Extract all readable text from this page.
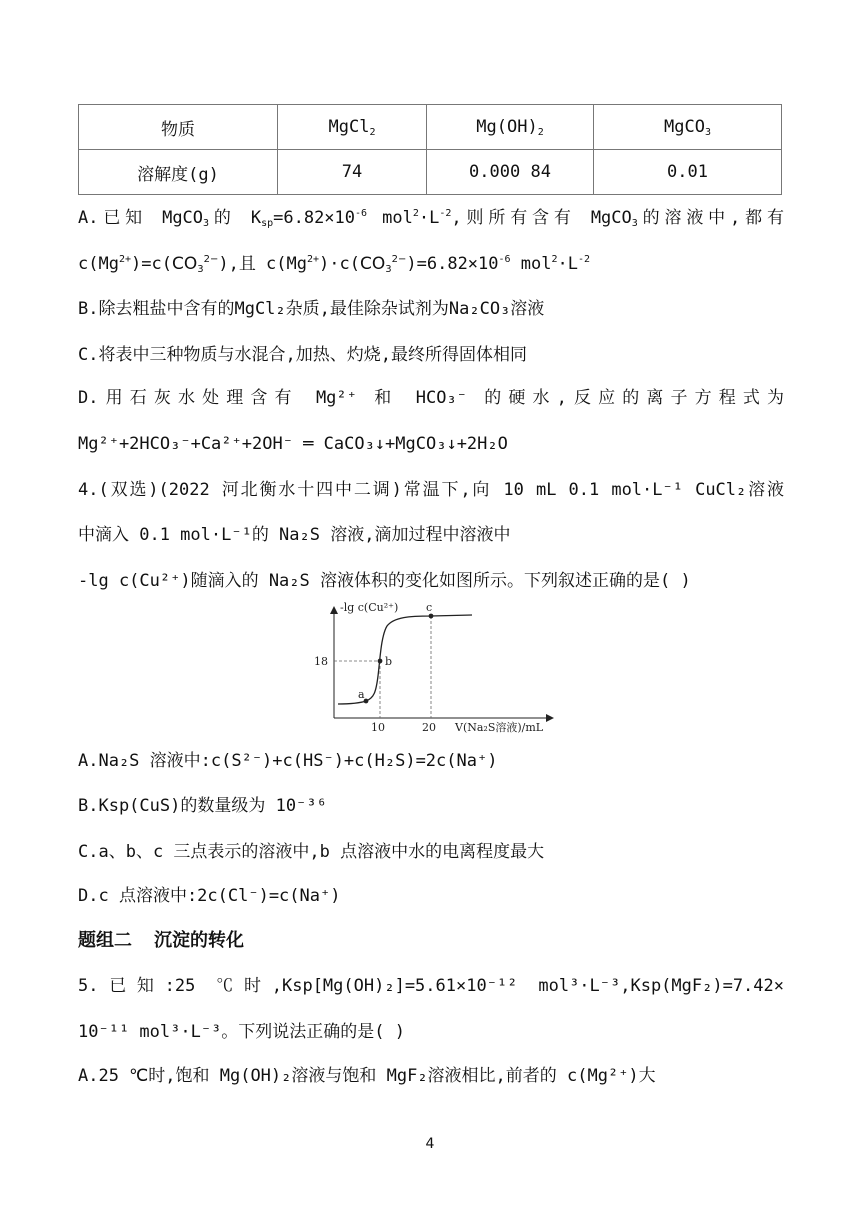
物质	MgCl$_2$	$Mg(OH)_2$	MgCO$_3$
溶解度(g)	74	0.000 84	0.01
A.已知 MgCO$_3$的 $K_{sp}=6.82\times 10^{-6}$ $mol^2\cdot L^{-2}$,则所有含有 MgCO$_3$的溶液中,都有
$c(Mg^{2+})=c(CO_3^{2-})$,且 $c(Mg^{2+})\cdot c(CO_3^{2-})=6.82\times 10^{-6}$ $mol^2\cdot L^{-2}$
B.除去粗盐中含有的MgCl₂杂质,最佳除杂试剂为Na₂CO₃溶液
C.将表中三种物质与水混合,加热、灼烧,最终所得固体相同
D.用石灰水处理含有 Mg²⁺ 和 HCO₃⁻ 的硬水,反应的离子方程式为
Mg²⁺+2HCO₃⁻+Ca²⁺+2OH⁻ ═ CaCO₃↓+MgCO₃↓+2H₂O
4.(双选)(2022 河北衡水十四中二调)常温下,向 10 mL 0.1 mol·L⁻¹ CuCl₂溶液
中滴入 0.1 mol·L⁻¹的 Na₂S 溶液,滴加过程中溶液中
-lg c(Cu²⁺)随滴入的 Na₂S 溶液体积的变化如图所示。下列叙述正确的是( )
-lg c(Cu²⁺)
V(Na₂S溶液)/mL
10	20
18
a
b
c
A.Na₂S 溶液中:c(S²⁻)+c(HS⁻)+c(H₂S)=2c(Na⁺)
B.Ksp(CuS)的数量级为 10⁻³⁶
C.a、b、c 三点表示的溶液中,b 点溶液中水的电离程度最大
D.c 点溶液中:2c(Cl⁻)=c(Na⁺)
题组二 沉淀的转化
5.已知:25 ℃时,Ksp[Mg(OH)₂]=5.61×10⁻¹² mol³·L⁻³,Ksp(MgF₂)=7.42×
10⁻¹¹ mol³·L⁻³。下列说法正确的是( )
A.25 ℃时,饱和 Mg(OH)₂溶液与饱和 MgF₂溶液相比,前者的 c(Mg²⁺)大
4
